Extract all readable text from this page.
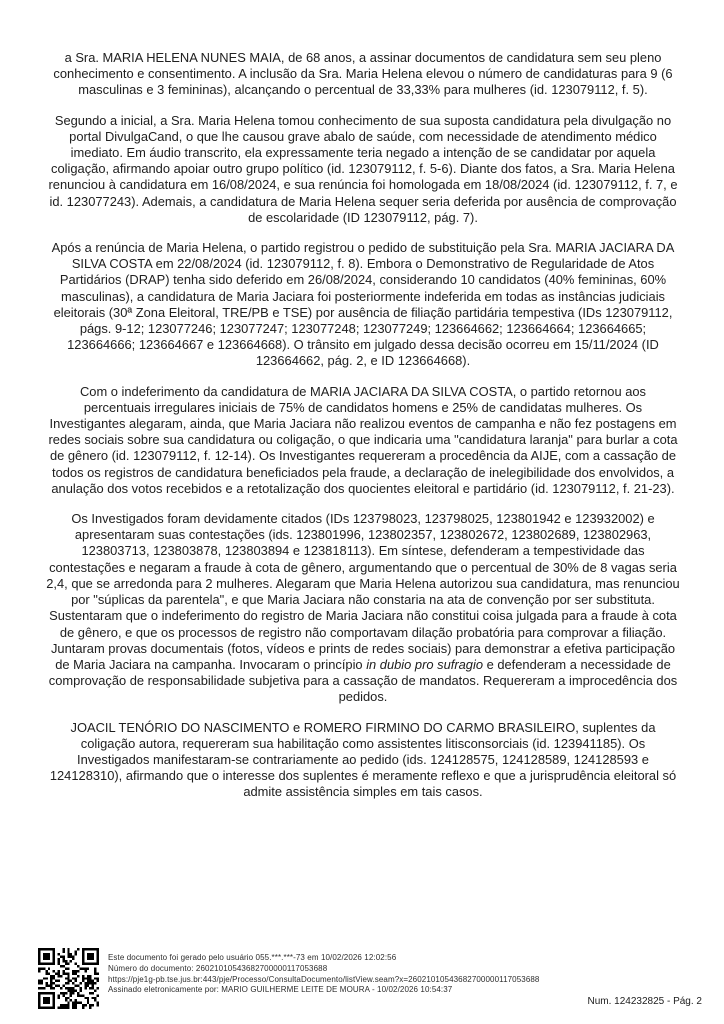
a Sra. MARIA HELENA NUNES MAIA, de 68 anos, a assinar documentos de candidatura sem seu pleno conhecimento e consentimento. A inclusão da Sra. Maria Helena elevou o número de candidaturas para 9 (6 masculinas e 3 femininas), alcançando o percentual de 33,33% para mulheres (id. 123079112, f. 5).

Segundo a inicial, a Sra. Maria Helena tomou conhecimento de sua suposta candidatura pela divulgação no portal DivulgaCand, o que lhe causou grave abalo de saúde, com necessidade de atendimento médico imediato. Em áudio transcrito, ela expressamente teria negado a intenção de se candidatar por aquela coligação, afirmando apoiar outro grupo político (id. 123079112, f. 5-6). Diante dos fatos, a Sra. Maria Helena renunciou à candidatura em 16/08/2024, e sua renúncia foi homologada em 18/08/2024 (id. 123079112, f. 7, e id. 123077243). Ademais, a candidatura de Maria Helena sequer seria deferida por ausência de comprovação de escolaridade (ID 123079112, pág. 7).

Após a renúncia de Maria Helena, o partido registrou o pedido de substituição pela Sra. MARIA JACIARA DA SILVA COSTA em 22/08/2024 (id. 123079112, f. 8). Embora o Demonstrativo de Regularidade de Atos Partidários (DRAP) tenha sido deferido em 26/08/2024, considerando 10 candidatos (40% femininas, 60% masculinas), a candidatura de Maria Jaciara foi posteriormente indeferida em todas as instâncias judiciais eleitorais (30ª Zona Eleitoral, TRE/PB e TSE) por ausência de filiação partidária tempestiva (IDs 123079112, págs. 9-12; 123077246; 123077247; 123077248; 123077249; 123664662; 123664664; 123664665; 123664666; 123664667 e 123664668). O trânsito em julgado dessa decisão ocorreu em 15/11/2024 (ID 123664662, pág. 2, e ID 123664668).

Com o indeferimento da candidatura de MARIA JACIARA DA SILVA COSTA, o partido retornou aos percentuais irregulares iniciais de 75% de candidatos homens e 25% de candidatas mulheres. Os Investigantes alegaram, ainda, que Maria Jaciara não realizou eventos de campanha e não fez postagens em redes sociais sobre sua candidatura ou coligação, o que indicaria uma "candidatura laranja" para burlar a cota de gênero (id. 123079112, f. 12-14). Os Investigantes requereram a procedência da AIJE, com a cassação de todos os registros de candidatura beneficiados pela fraude, a declaração de inelegibilidade dos envolvidos, a anulação dos votos recebidos e a retotalização dos quocientes eleitoral e partidário (id. 123079112, f. 21-23).

Os Investigados foram devidamente citados (IDs 123798023, 123798025, 123801942 e 123932002) e apresentaram suas contestações (ids. 123801996, 123802357, 123802672, 123802689, 123802963, 123803713, 123803878, 123803894 e 123818113). Em síntese, defenderam a tempestividade das contestações e negaram a fraude à cota de gênero, argumentando que o percentual de 30% de 8 vagas seria 2,4, que se arredonda para 2 mulheres. Alegaram que Maria Helena autorizou sua candidatura, mas renunciou por "súplicas da parentela", e que Maria Jaciara não constaria na ata de convenção por ser substituta. Sustentaram que o indeferimento do registro de Maria Jaciara não constitui coisa julgada para a fraude à cota de gênero, e que os processos de registro não comportavam dilação probatória para comprovar a filiação. Juntaram provas documentais (fotos, vídeos e prints de redes sociais) para demonstrar a efetiva participação de Maria Jaciara na campanha. Invocaram o princípio in dubio pro sufragio e defenderam a necessidade de comprovação de responsabilidade subjetiva para a cassação de mandatos. Requereram a improcedência dos pedidos.

JOACIL TENÓRIO DO NASCIMENTO e ROMERO FIRMINO DO CARMO BRASILEIRO, suplentes da coligação autora, requereram sua habilitação como assistentes litisconsorciais (id. 123941185). Os Investigados manifestaram-se contrariamente ao pedido (ids. 124128575, 124128589, 124128593 e 124128310), afirmando que o interesse dos suplentes é meramente reflexo e que a jurisprudência eleitoral só admite assistência simples em tais casos.

Este documento foi gerado pelo usuário 055.***.***-73 em 10/02/2026 12:02:56
Número do documento: 26021010543682700000117053688
https://pje1g-pb.tse.jus.br:443/pje/Processo/ConsultaDocumento/listView.seam?x=26021010543682700000117053688
Assinado eletronicamente por: MARIO GUILHERME LEITE DE MOURA - 10/02/2026 10:54:37
Num. 124232825 - Pág. 2
